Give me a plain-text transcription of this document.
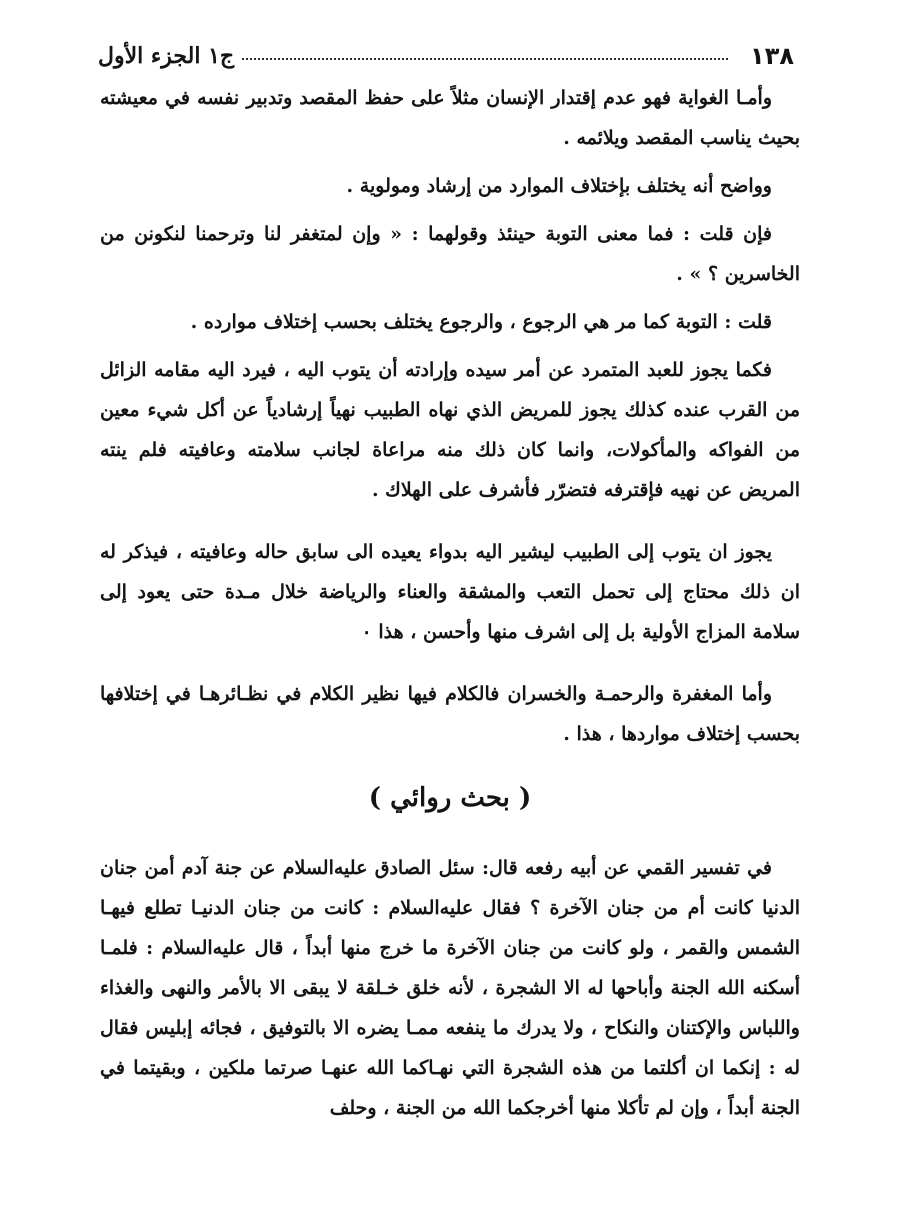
١٣٨
ج١ الجزء الأول

وأمـا الغواية فهو عدم إقتدار الإنسان مثلاً على حفظ المقصد وتدبير نفسه في معيشته بحيث يناسب المقصد ويلائمه .

وواضح أنه يختلف بإختلاف الموارد من إرشاد ومولوية .

فإن قلت : فما معنى التوبة حينئذ وقولهما : « وإن لمتغفر لنا وترحمنا لنكونن من الخاسرين ؟ » .

قلت : التوبة كما مر هي الرجوع ، والرجوع يختلف بحسب إختلاف موارده .

فكما يجوز للعبد المتمرد عن أمر سيده وإرادته أن يتوب اليه ، فيرد اليه مقامه الزائل من القرب عنده كذلك يجوز للمريض الذي نهاه الطبيب نهياً إرشادياً عن أكل شيء معين من الفواكه والمأكولات، وانما كان ذلك منه مراعاة لجانب سلامته وعافيته فلم ينته المريض عن نهيه فإقترفه فتضرّر فأشرف على الهلاك .

يجوز ان يتوب إلى الطبيب ليشير اليه بدواء يعيده الى سابق حاله وعافيته ، فيذكر له ان ذلك محتاج إلى تحمل التعب والمشقة والعناء والرياضة خلال مـدة حتى يعود إلى سلامة المزاج الأولية بل إلى اشرف منها وأحسن ، هذا ٠

وأما المغفرة والرحمـة والخسران فالكلام فيها نظير الكلام في نظـائرهـا في إختلافها بحسب إختلاف مواردها ، هذا .

( بحث روائي )

في تفسير القمي عن أبيه رفعه قال: سئل الصادق عليه‌السلام عن جنة آدم أمن جنان الدنيا كانت أم من جنان الآخرة ؟ فقال عليه‌السلام : كانت من جنان الدنيـا تطلع فيهـا الشمس والقمر ، ولو كانت من جنان الآخرة ما خرج منها أبداً ، قال عليه‌السلام : فلمـا أسكنه الله الجنة وأباحها له الا الشجرة ، لأنه خلق خـلقة لا يبقى الا بالأمر والنهى والغذاء واللباس والإكتنان والنكاح ، ولا يدرك ما ينفعه ممـا يضره الا بالتوفيق ، فجائه إبليس فقال له : إنكما ان أكلتما من هذه الشجرة التي نهـاكما الله عنهـا صرتما ملكين ، وبقيتما في الجنة أبداً ، وإن لم تأكلا منها أخرجكما الله من الجنة ، وحلف
